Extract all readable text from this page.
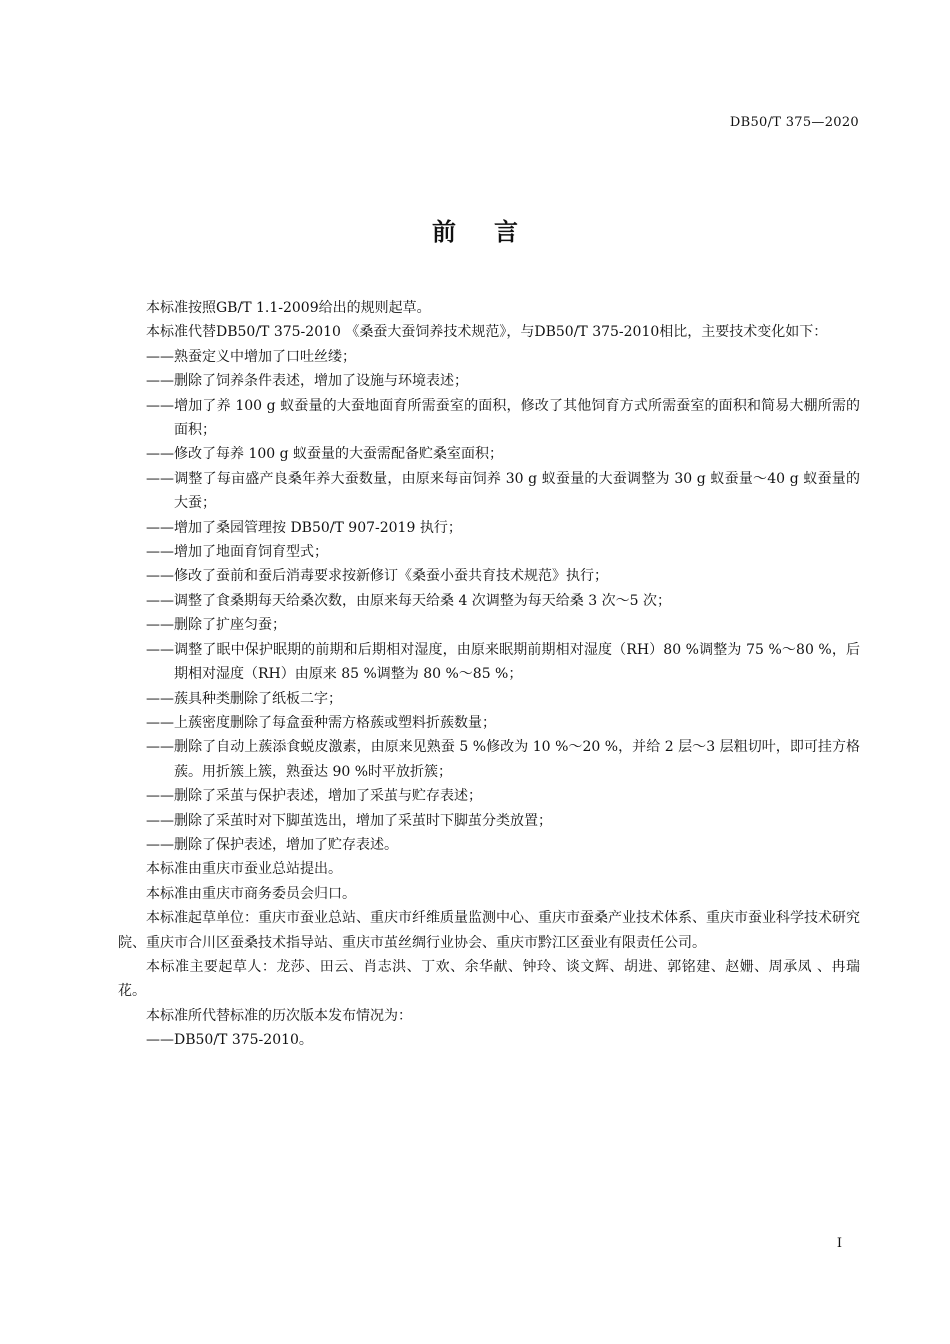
DB50/T 375—2020
前言

本标准按照GB/T 1.1-2009给出的规则起草。

本标准代替DB50/T 375-2010 《桑蚕大蚕饲养技术规范》，与DB50/T 375-2010相比，主要技术变化如下：

——熟蚕定义中增加了口吐丝缕；

——删除了饲养条件表述，增加了设施与环境表述；

——增加了养 100 g 蚁蚕量的大蚕地面育所需蚕室的面积，修改了其他饲育方式所需蚕室的面积和简易大棚所需的面积；

——修改了每养 100 g 蚁蚕量的大蚕需配备贮桑室面积；

——调整了每亩盛产良桑年养大蚕数量，由原来每亩饲养 30 g 蚁蚕量的大蚕调整为 30 g 蚁蚕量～40 g 蚁蚕量的大蚕；

——增加了桑园管理按 DB50/T 907-2019 执行；

——增加了地面育饲育型式；

——修改了蚕前和蚕后消毒要求按新修订《桑蚕小蚕共育技术规范》执行；

——调整了食桑期每天给桑次数，由原来每天给桑 4 次调整为每天给桑 3 次～5 次；

——删除了扩座匀蚕；

——调整了眠中保护眠期的前期和后期相对湿度，由原来眠期前期相对湿度（RH）80 %调整为 75 %～80 %，后期相对湿度（RH）由原来 85 %调整为 80 %～85 %；

——蔟具种类删除了纸板二字；

——上蔟密度删除了每盒蚕种需方格蔟或塑料折蔟数量；

——删除了自动上蔟添食蜕皮激素，由原来见熟蚕 5 %修改为 10 %～20 %，并给 2 层～3 层粗切叶，即可挂方格蔟。用折簇上簇，熟蚕达 90 %时平放折簇；

——删除了采茧与保护表述，增加了采茧与贮存表述；

——删除了采茧时对下脚茧选出，增加了采茧时下脚茧分类放置；

——删除了保护表述，增加了贮存表述。

本标准由重庆市蚕业总站提出。

本标准由重庆市商务委员会归口。

本标准起草单位：重庆市蚕业总站、重庆市纤维质量监测中心、重庆市蚕桑产业技术体系、重庆市蚕业科学技术研究院、重庆市合川区蚕桑技术指导站、重庆市茧丝绸行业协会、重庆市黔江区蚕业有限责任公司。

本标准主要起草人：龙莎、田云、肖志洪、丁欢、余华献、钟玲、谈文辉、胡进、郭铭建、赵姗、周承凤 、冉瑞花。

本标准所代替标准的历次版本发布情况为：

——DB50/T 375-2010。

I
